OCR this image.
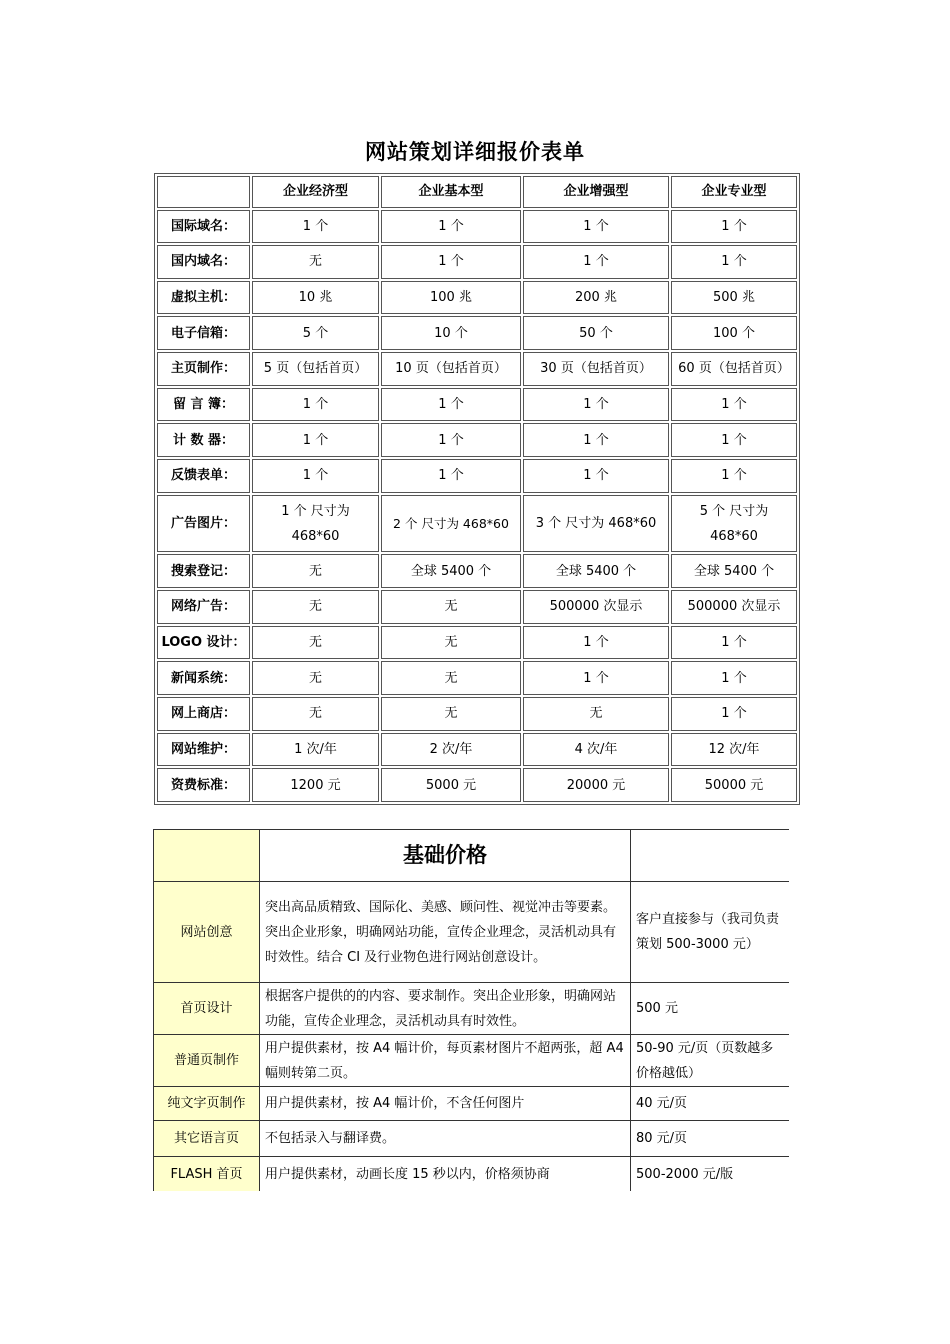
网站策划详细报价表单
	企业经济型	企业基本型	企业增强型	企业专业型
国际域名：	1 个	1 个	1 个	1 个
国内域名：	无	1 个	1 个	1 个
虚拟主机：	10 兆	100 兆	200 兆	500 兆
电子信箱：	5 个	10 个	50 个	100 个
主页制作：	5 页（包括首页）	10 页（包括首页）	30 页（包括首页）	60 页（包括首页）
留 言 簿：	1 个	1 个	1 个	1 个
计 数 器：	1 个	1 个	1 个	1 个
反馈表单：	1 个	1 个	1 个	1 个
广告图片：	1 个 尺寸为 468*60	2 个 尺寸为 468*60	3 个 尺寸为 468*60	5 个 尺寸为 468*60
搜索登记：	无	全球 5400 个	全球 5400 个	全球 5400 个
网络广告：	无	无	500000 次显示	500000 次显示
LOGO 设计：	无	无	1 个	1 个
新闻系统：	无	无	1 个	1 个
网上商店：	无	无	无	1 个
网站维护：	1 次/年	2 次/年	4 次/年	12 次/年
资费标准：	1200 元	5000 元	20000 元	50000 元
	基础价格	
网站创意	突出高品质精致、国际化、美感、顾问性、视觉冲击等要素。突出企业形象，明确网站功能，宣传企业理念，灵活机动具有时效性。结合 CI 及行业物色进行网站创意设计。	客户直接参与（我司负责策划 500-3000 元）
首页设计	根据客户提供的的内容、要求制作。突出企业形象，明确网站功能，宣传企业理念，灵活机动具有时效性。	500 元
普通页制作	用户提供素材，按 A4 幅计价，每页素材图片不超两张，超 A4 幅则转第二页。	50-90 元/页（页数越多价格越低）
纯文字页制作	用户提供素材，按 A4 幅计价，不含任何图片	40 元/页
其它语言页	不包括录入与翻译费。	80 元/页
FLASH 首页	用户提供素材，动画长度 15 秒以内，价格须协商	500-2000 元/版
